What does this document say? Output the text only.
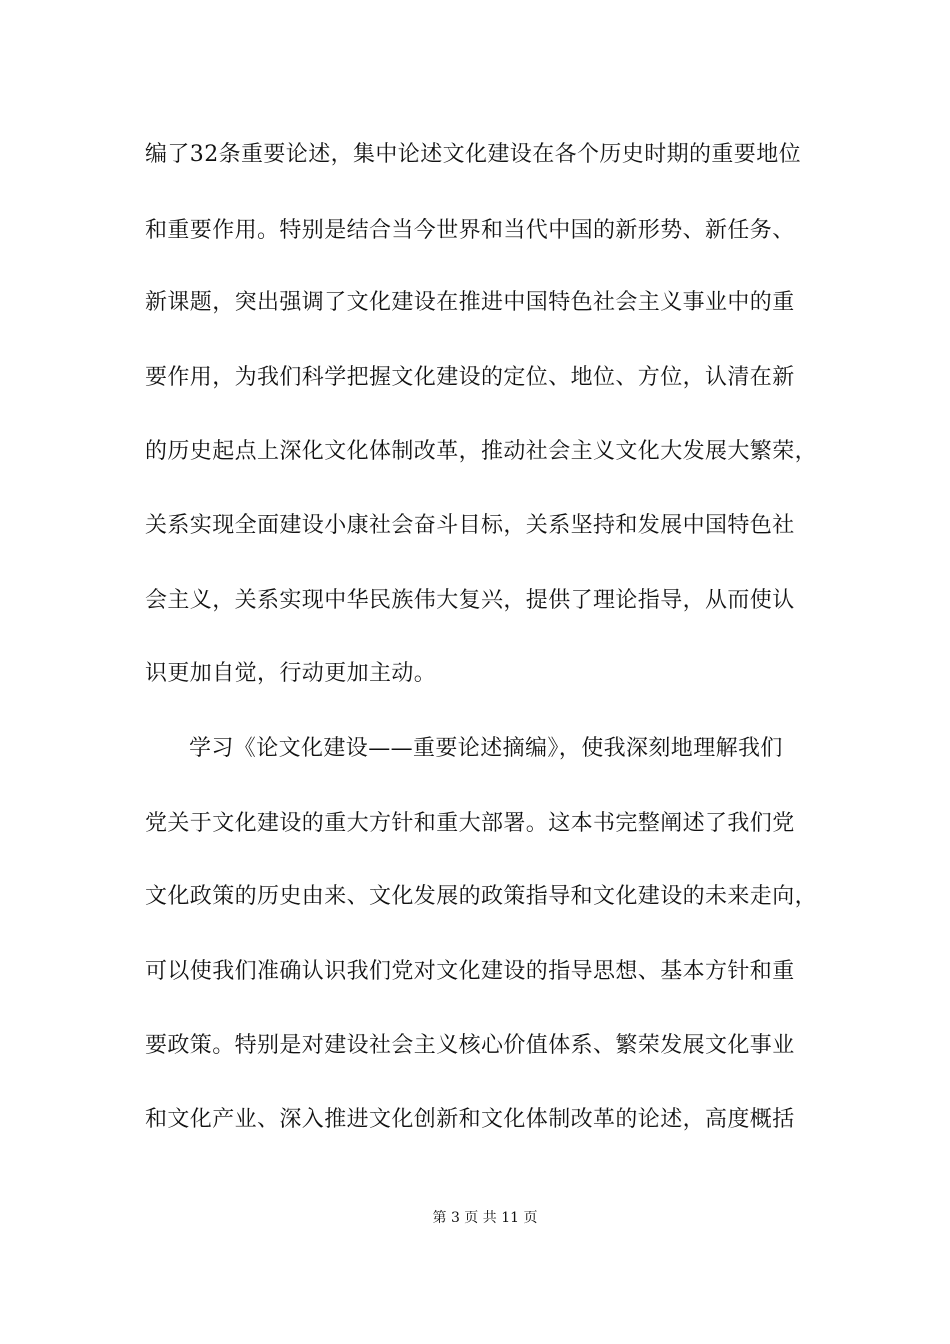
编了32条重要论述，集中论述文化建设在各个历史时期的重要地位
和重要作用。特别是结合当今世界和当代中国的新形势、新任务、
新课题，突出强调了文化建设在推进中国特色社会主义事业中的重
要作用，为我们科学把握文化建设的定位、地位、方位，认清在新
的历史起点上深化文化体制改革，推动社会主义文化大发展大繁荣，
关系实现全面建设小康社会奋斗目标，关系坚持和发展中国特色社
会主义，关系实现中华民族伟大复兴，提供了理论指导，从而使认
识更加自觉，行动更加主动。
学习《论文化建设——重要论述摘编》，使我深刻地理解我们
党关于文化建设的重大方针和重大部署。这本书完整阐述了我们党
文化政策的历史由来、文化发展的政策指导和文化建设的未来走向，
可以使我们准确认识我们党对文化建设的指导思想、基本方针和重
要政策。特别是对建设社会主义核心价值体系、繁荣发展文化事业
和文化产业、深入推进文化创新和文化体制改革的论述，高度概括
第 3 页 共 11 页
